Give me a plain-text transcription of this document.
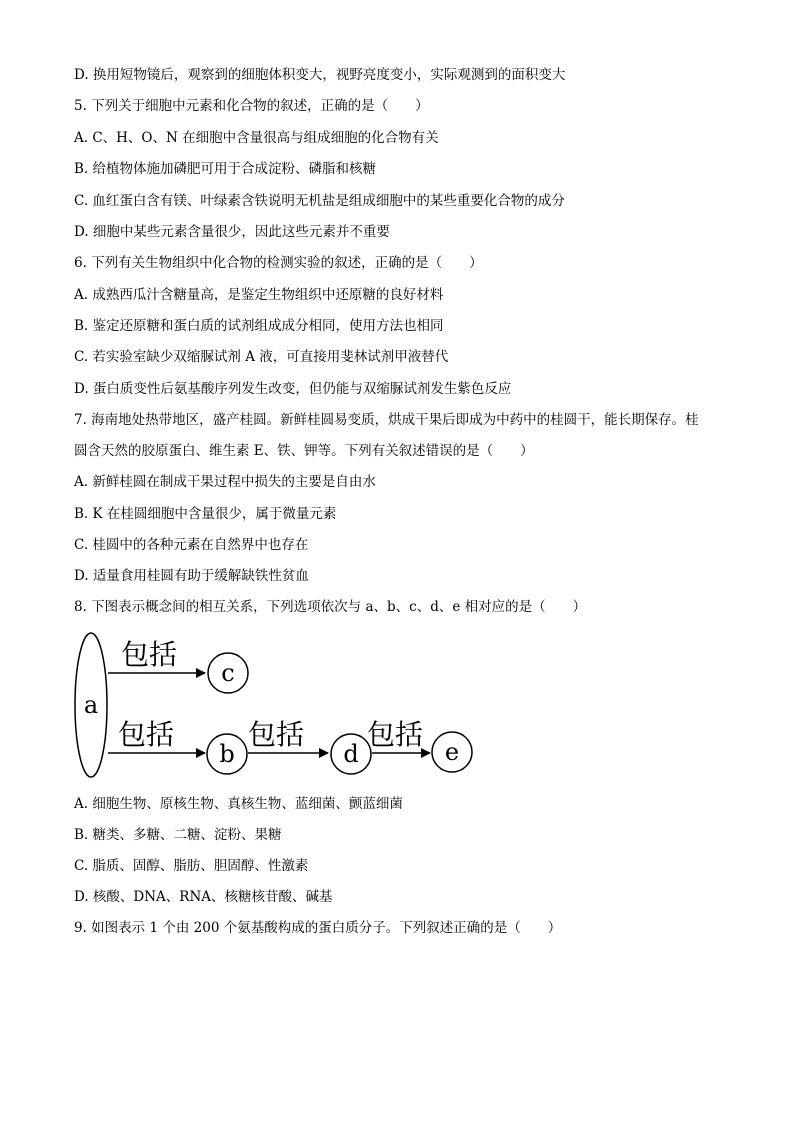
D. 换用短物镜后，观察到的细胞体积变大，视野亮度变小，实际观测到的面积变大
5. 下列关于细胞中元素和化合物的叙述，正确的是（　　）
A. C、H、O、N 在细胞中含量很高与组成细胞的化合物有关
B. 给植物体施加磷肥可用于合成淀粉、磷脂和核糖
C. 血红蛋白含有镁、叶绿素含铁说明无机盐是组成细胞中的某些重要化合物的成分
D. 细胞中某些元素含量很少，因此这些元素并不重要
6. 下列有关生物组织中化合物的检测实验的叙述，正确的是（　　）
A. 成熟西瓜汁含糖量高，是鉴定生物组织中还原糖的良好材料
B. 鉴定还原糖和蛋白质的试剂组成成分相同，使用方法也相同
C. 若实验室缺少双缩脲试剂 A 液，可直接用斐林试剂甲液替代
D. 蛋白质变性后氨基酸序列发生改变，但仍能与双缩脲试剂发生紫色反应
7. 海南地处热带地区，盛产桂圆。新鲜桂圆易变质，烘成干果后即成为中药中的桂圆干，能长期保存。桂
圆含天然的胶原蛋白、维生素 E、铁、钾等。下列有关叙述错误的是（　　）
A. 新鲜桂圆在制成干果过程中损失的主要是自由水
B. K 在桂圆细胞中含量很少，属于微量元素
C. 桂圆中的各种元素在自然界中也存在
D. 适量食用桂圆有助于缓解缺铁性贫血
8. 下图表示概念间的相互关系，下列选项依次与 a、b、c、d、e 相对应的是（　　）
a
包括
c
包括
b
包括
d
包括
e
A. 细胞生物、原核生物、真核生物、蓝细菌、颤蓝细菌
B. 糖类、多糖、二糖、淀粉、果糖
C. 脂质、固醇、脂肪、胆固醇、性激素
D. 核酸、DNA、RNA、核糖核苷酸、碱基
9. 如图表示 1 个由 200 个氨基酸构成的蛋白质分子。下列叙述正确的是（　　）
